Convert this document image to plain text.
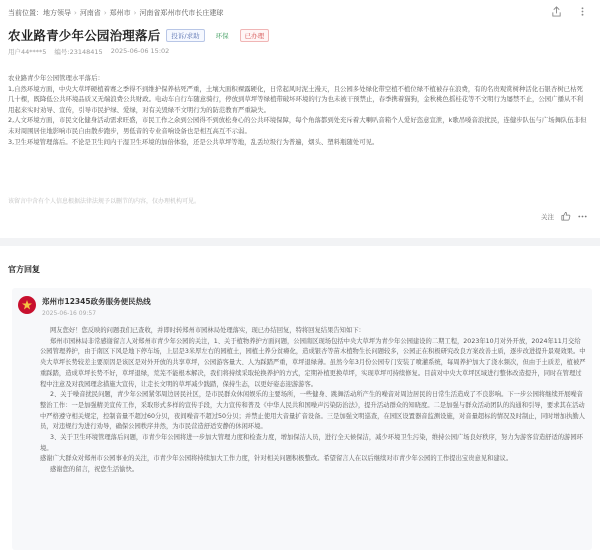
当前位置： 地方领导 › 河南省 › 郑州市 › 河南省郑州市代市长庄建球
农业路青少年公园治理落后	投诉/求助	环保	已办理
用户44****5 编号:23148415 2025-06-06 15:02

农业路青少年公园管理水平落后：

1,自然环境方面，中央大草坪硬植着赛之季得不到维护保养枯死严重，土壤大面积裸露硬化，日常起风时泥土漫天，且公园多处绿化带空植不植位绿不植被存在浪费，有的名贵观赏树种活化石银杏树已枯死几十棵，既降低公共环境品质又无端浪费公共财政。电动车自行车随意骑行，停放到草坪等绿植带破坏环境的行为也未被干预禁止，春季携着猫狗，金秋桃色摇桂花等不文明行为屡禁不止，公园广播从不利用起来实时劝导、宣传，引导市民护绿、爱绿，对有关毁绿不文明行为的防范教育严重缺失。

2,人文环境方面，市民文化健身活动需求旺盛，市民工作之余到公园得不到放松身心的公共环境保障，每个角落都到处充斥着大喇叭音箱个人爱好恣意宣泄，k歌吊嗓音浪扰民，连健步队伍与广场舞队伍非但未对周围居住地影响市民自由散步跑步，男低音的专业音响设备也是相互高互不示弱。

3,卫生环境管理落后。不论是卫生间内干湿卫生环境的加倍体验，还是公共草坪等地，乱丢垃圾行为普遍，烟头、塑料瓶随处可见。

该留言中含有个人信息根据法律法规予以删节的内容，仅办理机构可见。
关注
官方回复
郑州市12345政务服务便民热线
2025-06-16 09:57

网友您好！您反映的问题我们已查收，并即时转郑州市园林局处理落实，现已办结回复，特将回复结果告知如下：

郑州市园林局非常感谢留言人对郑州市青少年公园的关注，1、关于植物养护方面问题，公园南区现场包括中央大草坪为青少年公园建设的二期工程，2023年10月对外开放，2024年11月交给公园管理养护，由于南区下风是地下停车场，上层是3米厚左右的园植土，园植土养分贫瘠化，造成银杏等苗木植物生长问题较多，公园正在积极研究改良方案改善土质，逐步改进提升景观效果。中央大草坪长势较差主要原因是该区是对外开放的共享草坪，公园游客量大、人为踩踏严重，草坪退绿薄。虽然今年3月份公园专门安装了喷灌系统，每周养护加大了浇水频次，但由于土质差，植被严重踩踏，造成草坪长势不好，草坪退绿，荒芜不能根本解决，我们将持续采取轮换养护的方式，定期补植更换草坪，实现草坪可持续修复。目前对中央大草坪区域进行整体改造提升，同时在管理过程中注意及对我园理念措施大宣传，让走长文明的草坪减少践踏，保持生态，以更好姿态迎游游客。

2、关于噪音扰民问题，青少年公园紧邻周边居民社区，是市民群众休闲娱乐的主要场所，一些健身、跳舞活动所产生的噪音对周边居民的日常生活造成了不良影响。下一步公园将继续开展噪音整治工作：一是加强精美宣传工作，采取形式多样的宣传手段，大力宣传和普及《中华人民共和国噪声污染防治法》，提升活动群众的知晓度。二是加强与群众活动团队的沟通和引导，要求其在活动中严格遵守相关规定，控制音量不超过60分贝，夜间噪音不超过50分贝；并禁止使用大音量扩音设备。三是加强文明巡查，在园区设置器音监测设施，对音量超标的情况及时制止，同时增加执勤人员，对违规行为进行劝导，确保公园秩序井然，为市民营造舒适安静的休闲环境。

3、关于卫生环境管理落后问题，市青少年公园将进一步加大管理力度和检查力度，增加保洁人员，进行全天候保洁，减少环境卫生污染，维持公园广场良好秩序，努力为游客营造舒适的游园环境。

感谢广大群众对郑州市公园事业的关注，市青少年公园将持续加大工作力度，针对相关问题积极整改。希望留言人在以后继续对市青少年公园的工作提出宝贵意见和建议。

感谢您的留言，祝您生活愉快。
